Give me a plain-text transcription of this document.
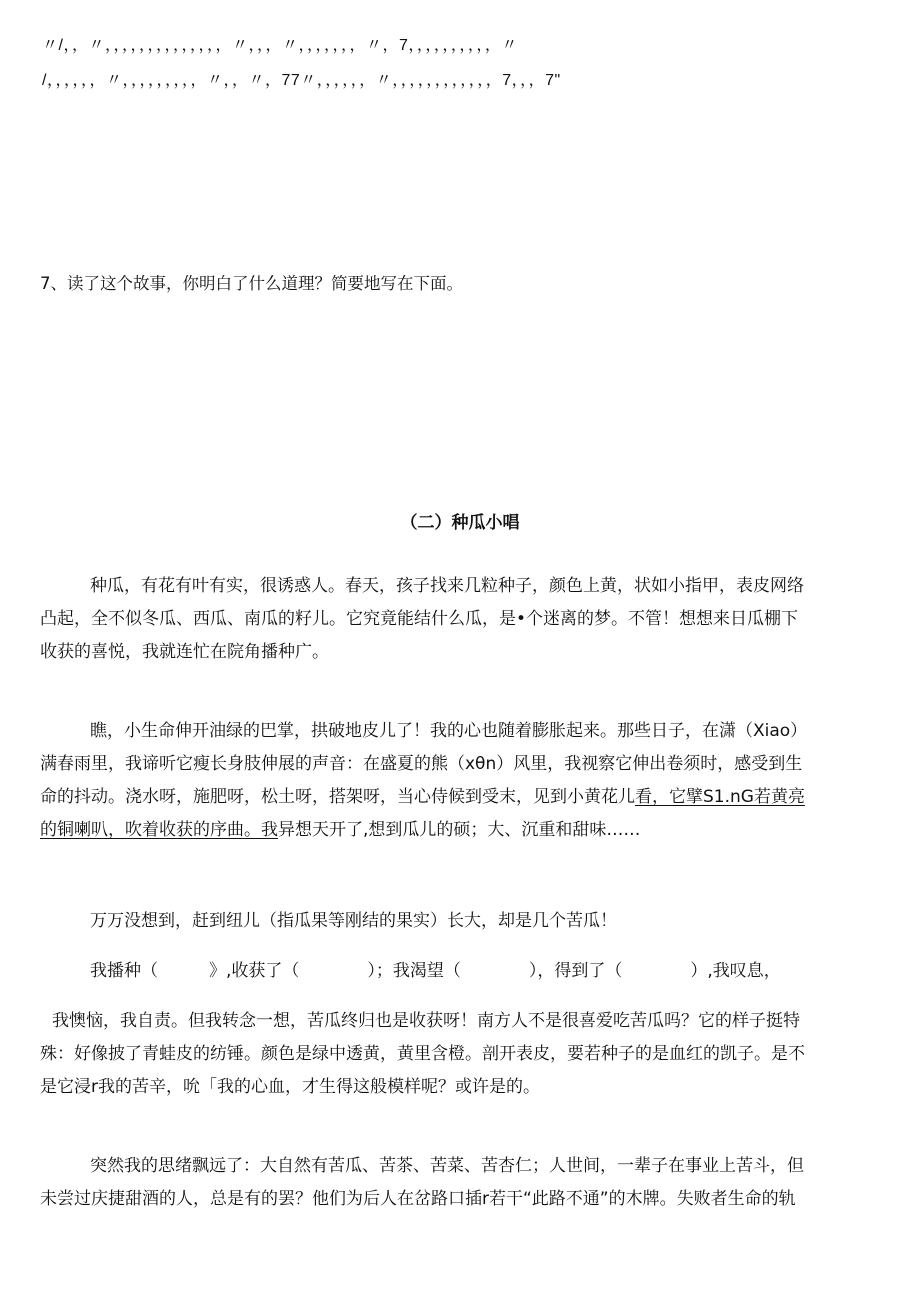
〃/，，〃，，，，，，，，，，，，，，〃，，，〃，，，，，，，〃，7，，，，，，，，，，〃
/，，，，，，〃，，，，，，，，，〃，，〃，77〃，，，，，，〃，，，，，，，，，，，，7，，，7"
7、读了这个故事，你明白了什么道理？简要地写在下面。
（二）种瓜小唱
种瓜，有花有叶有实，很诱惑人。春天，孩子找来几粒种子，颜色上黄，状如小指甲，表皮网络
凸起，全不似冬瓜、西瓜、南瓜的籽儿。它究竟能结什么瓜，是•个迷离的梦。不管！想想来日瓜棚下
收获的喜悦，我就连忙在院角播种广。
瞧，小生命伸开油绿的巴掌，拱破地皮儿了！我的心也随着膨胀起来。那些日子，在潇（Xiao）
满春雨里，我谛听它瘦长身肢伸展的声音：在盛夏的熊（xθn）风里，我视察它伸出卷须时，感受到生
命的抖动。浇水呀，施肥呀，松土呀，搭架呀，当心侍候到受末，见到小黄花儿看，它擘S1.nG若黄亮
的铜喇叭，吹着收获的序曲。我异想天开了,想到瓜儿的硕；大、沉重和甜味……
万万没想到，赶到纽儿（指瓜果等刚结的果实）长大，却是几个苦瓜！
我播种（　　　》,收获了（　　　　）；我渴望（　　　　），得到了（　　　　）,我叹息，
我懊恼，我自责。但我转念一想，苦瓜终归也是收获呀！南方人不是很喜爱吃苦瓜吗？它的样子挺特
殊：好像披了青蛙皮的纺锤。颜色是绿中透黄，黄里含橙。剖开表皮，要若种子的是血红的凯子。是不
是它浸r我的苦辛，吮「我的心血，才生得这般模样呢？或许是的。
突然我的思绪飘远了：大自然有苦瓜、苦茶、苦菜、苦杏仁；人世间，一辈子在事业上苦斗，但
未尝过庆捷甜酒的人，总是有的罢？他们为后人在岔路口插r若干“此路不通”的木牌。失败者生命的轨
